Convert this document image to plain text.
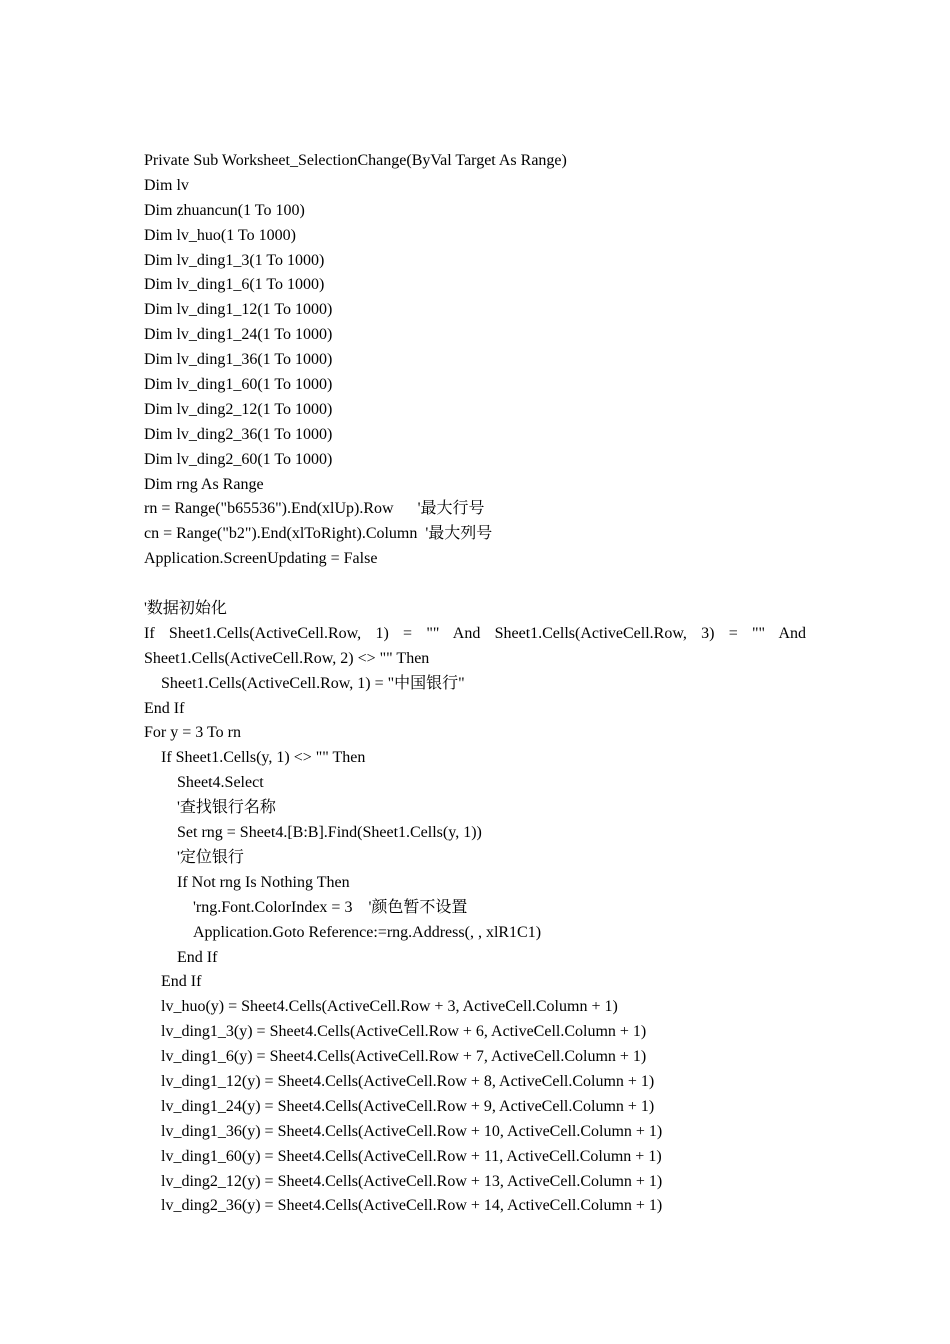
Private Sub Worksheet_SelectionChange(ByVal Target As Range)
Dim lv
Dim zhuancun(1 To 100)
Dim lv_huo(1 To 1000)
Dim lv_ding1_3(1 To 1000)
Dim lv_ding1_6(1 To 1000)
Dim lv_ding1_12(1 To 1000)
Dim lv_ding1_24(1 To 1000)
Dim lv_ding1_36(1 To 1000)
Dim lv_ding1_60(1 To 1000)
Dim lv_ding2_12(1 To 1000)
Dim lv_ding2_36(1 To 1000)
Dim lv_ding2_60(1 To 1000)
Dim rng As Range
rn = Range("b65536").End(xlUp).Row      '最大行号
cn = Range("b2").End(xlToRight).Column  '最大列号
Application.ScreenUpdating = False
'数据初始化
If Sheet1.Cells(ActiveCell.Row, 1) = "" And Sheet1.Cells(ActiveCell.Row, 3) = "" And
Sheet1.Cells(ActiveCell.Row, 2) <> "" Then
Sheet1.Cells(ActiveCell.Row, 1) = "中国银行"
End If
For y = 3 To rn
If Sheet1.Cells(y, 1) <> "" Then
Sheet4.Select
'查找银行名称
Set rng = Sheet4.[B:B].Find(Sheet1.Cells(y, 1))
'定位银行
If Not rng Is Nothing Then
'rng.Font.ColorIndex = 3    '颜色暂不设置
Application.Goto Reference:=rng.Address(, , xlR1C1)
End If
End If
lv_huo(y) = Sheet4.Cells(ActiveCell.Row + 3, ActiveCell.Column + 1)
lv_ding1_3(y) = Sheet4.Cells(ActiveCell.Row + 6, ActiveCell.Column + 1)
lv_ding1_6(y) = Sheet4.Cells(ActiveCell.Row + 7, ActiveCell.Column + 1)
lv_ding1_12(y) = Sheet4.Cells(ActiveCell.Row + 8, ActiveCell.Column + 1)
lv_ding1_24(y) = Sheet4.Cells(ActiveCell.Row + 9, ActiveCell.Column + 1)
lv_ding1_36(y) = Sheet4.Cells(ActiveCell.Row + 10, ActiveCell.Column + 1)
lv_ding1_60(y) = Sheet4.Cells(ActiveCell.Row + 11, ActiveCell.Column + 1)
lv_ding2_12(y) = Sheet4.Cells(ActiveCell.Row + 13, ActiveCell.Column + 1)
lv_ding2_36(y) = Sheet4.Cells(ActiveCell.Row + 14, ActiveCell.Column + 1)
